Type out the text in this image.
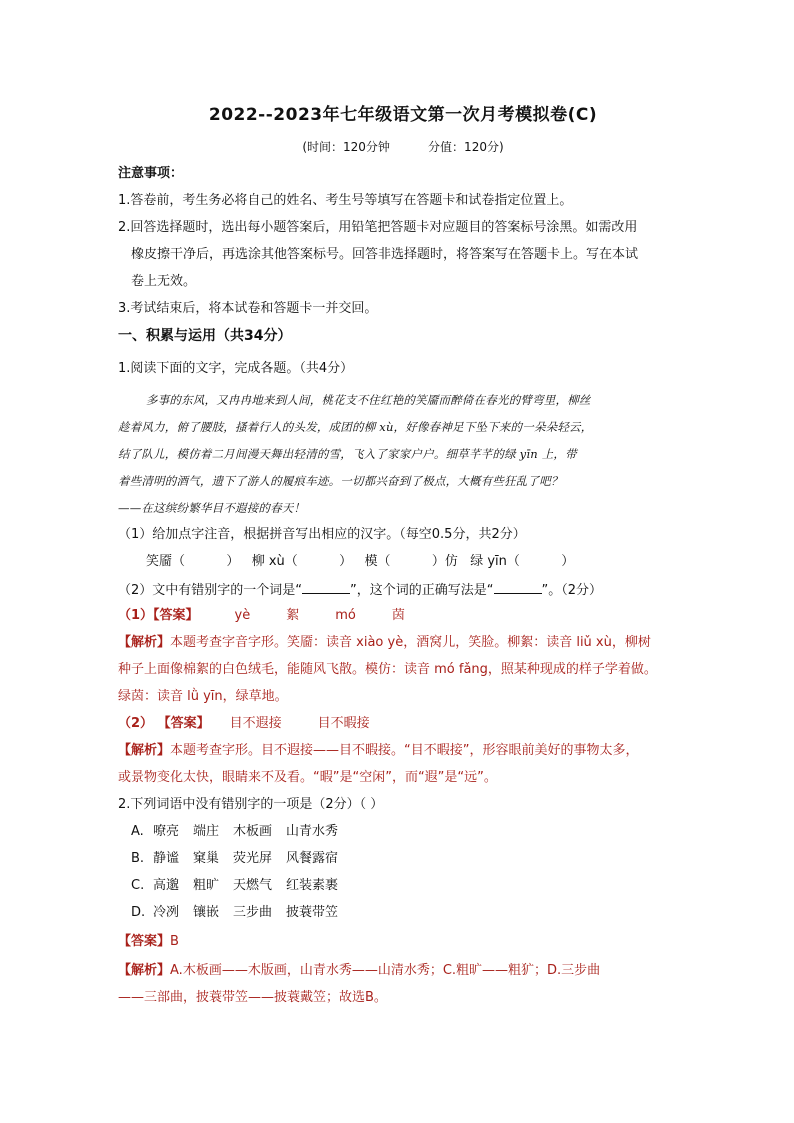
2022--2023年七年级语文第一次月考模拟卷(C)
(时间：120分钟          分值：120分)
注意事项：
1.答卷前，考生务必将自己的姓名、考生号等填写在答题卡和试卷指定位置上。
2.回答选择题时，选出每小题答案后，用铅笔把答题卡对应题目的答案标号涂黑。如需改用
橡皮擦干净后，再选涂其他答案标号。回答非选择题时，将答案写在答题卡上。写在本试
卷上无效。
3.考试结束后，将本试卷和答题卡一并交回。
一、积累与运用（共34分）
1.阅读下面的文字，完成各题。（共4分）
多事的东风，又冉冉地来到人间，桃花支不住红艳的笑靥而醉倚在春光的臂弯里，柳丝
趁着风力，俯了腰肢，搔着行人的头发，成团的柳 xù，好像春神足下坠下来的一朵朵轻云，
结了队儿，模仿着二月间漫天舞出轻清的雪，飞入了家家户户。细草芊芊的绿 yīn 上，带
着些清明的酒气，遗下了游人的履痕车迹。一切都兴奋到了极点，大概有些狂乱了吧？
——在这缤纷繁华目不遐接的春天！
（1）给加点字注音，根据拼音写出相应的汉字。（每空0.5分，共2分）
笑靥（          ）   柳 xù（          ）   模（          ）仿   绿 yīn（          ）
（2）文中有错别字的一个词是“	”，这个词的正确写法是“	”。（2分）
（1）【答案】	yè	絮	mó	茵
【解析】本题考查字音字形。笑靥：读音 xiào yè，酒窝儿，笑脸。柳絮：读音 liǔ xù，柳树
种子上面像棉絮的白色绒毛，能随风飞散。模仿：读音 mó fǎng，照某种现成的样子学着做。
绿茵：读音 lǜ yīn，绿草地。
（2） 【答案】 目不遐接	目不暇接
【解析】本题考查字形。目不遐接——目不暇接。“目不暇接”，形容眼前美好的事物太多，
或景物变化太快，眼睛来不及看。“暇”是“空闲”，而“遐”是“远”。
2.下列词语中没有错别字的一项是（2分）（ ）
A. 嘹亮 端庄 木板画 山青水秀
B. 静谧 窠巢 荧光屏 风餐露宿
C. 高邈 粗旷 天燃气 红装素裹
D. 冷冽 镶嵌 三步曲 披蓑带笠
【答案】B
【解析】A.木板画——木版画，山青水秀——山清水秀；C.粗旷——粗犷；D.三步曲
——三部曲，披蓑带笠——披蓑戴笠；故选B。
